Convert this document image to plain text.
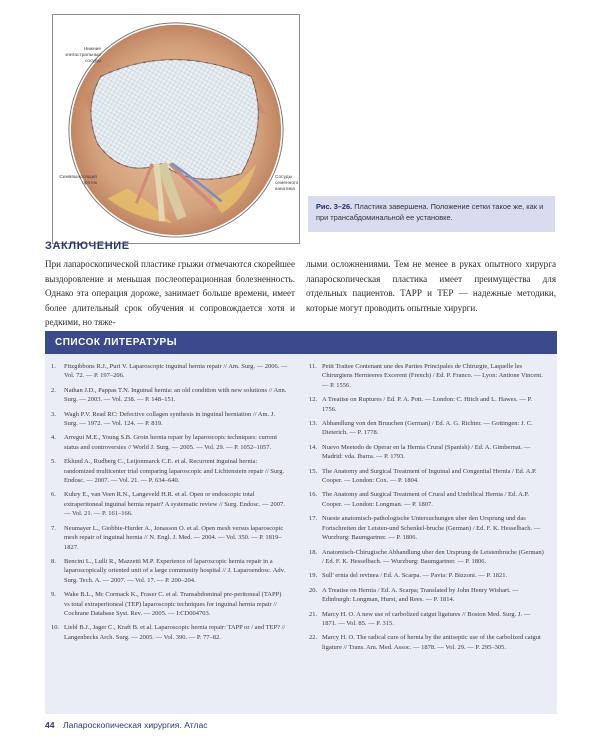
Нижние
эпигастральные
сосуды
Семявыносящий
проток
Сосуды
семенного
канатика
Рис. 3–26. Пластика завершена. Положение сетки такое же, как и при трансабдоминальной ее установке.
ЗАКЛЮЧЕНИЕ

При лапароскопической пластике грыжи отмечаются скорейшее выздоровление и меньшая послеоперационная болезненность. Однако эта операция дороже, занимает больше времени, имеет более длительный срок обучения и сопровождается хотя и редкими, но тяже-

лыми осложнениями. Тем не менее в руках опытного хирурга лапароскопическая пластика имеет преимущества для отдельных пациентов. ТАРР и ТЕР — надежные методики, которые могут проводить опытные хирурги.

СПИСОК ЛИТЕРАТУРЫ
1.	Fitzgibbons R.J., Puri V. Laparoscopic inguinal hernia repair // Am. Surg. — 2006. — Vol. 72. — P. 197–206.
2.	Nathan J.D., Pappas T.N. Inguinal hernia: an old condition with new solutions // Ann. Surg. — 2003. — Vol. 238. — P. 148–151.
3.	Wagh P.V. Read RC: Defective collagen synthesis in inguinal herniation // Am. J. Surg. — 1972. — Vol. 124. — P. 819.
4.	Arregui M.E., Young S.B. Groin hernia repair by laparoscopic techniques: current status and controversies // World J. Surg. — 2005. — Vol. 29. — P. 1052–1057.
5.	Eklund A., Rudberg C., Leijonmarck C.E. et al. Recurrent inguinal hernia: randomized multicenter trial comparing laparoscopic and Lichtenstein repair // Surg. Endosc. — 2007. — Vol. 21. — P. 634–640.
6.	Kuhry E., van Veen R.N., Langeveld H.R. et al. Open or endoscopic total extraperitoneal inguinal hernia repair? A systematic review // Surg. Endosc. — 2007. — Vol. 21. — P. 161–166.
7.	Neumayer L., Giobbie-Hurder A., Jonasson O. et al. Open mesh versus laparoscopic mesh repair of inguinal hernia // N. Engl. J. Med. — 2004. — Vol. 350. — P. 1819–1827.
8.	Bencini L., Lulli R., Mazzetti M.P. Experience of laparoscopic hernia repair in a laparoscopically oriented unit of a large community hospital // J. Laparoendosc. Adv. Surg. Tech. A. — 2007. — Vol. 17. — P. 200–204.
9.	Wake B.L., Mc Cormack K., Fraser C. et al. Transabdominal pre-peritoneal (TAPP) vs total extraperitoneal (TEP) laparoscopic techniques for inguinal hernia repair // Cochrane Database Syst. Rev. — 2005. — I:CD004703.
10. Liebl B.J., Jager C., Kraft B. et al. Laparoscopic hernia repair: TAPP or / and TEP? // Langenbecks Arch. Surg. — 2005. — Vol. 390. — P. 77–82.
11. Petit Traitee Contenant une des Parties Principales de Chirurgie, Laquelle les Chirurgiens Hernieeres Excerent (French) / Ed. P. Franco. — Lyon: Antione Vincent. — P. 1556.
12. A Treatise on Ruptures / Ed. P. A. Pott. — London: C. Hitch and L. Hawes. — P. 1756.
13. Abhandlung von den Bruuchen (German) / Ed. A. G. Richter. — Gottingen: J. C. Dieterich. — P. 1778.
14. Nuevo Meetodo de Operar en la Hernia Crural (Spanish) / Ed. A. Gimbernat. — Madrid: vda. Ibarra. — P. 1793.
15. The Anatomy and Surgical Treatment of Inguinal and Congenital Hernia / Ed. A.P. Cooper. — London: Cox. — P. 1804.
16. The Anatomy and Surgical Treatment of Crural and Umbilical Hernia / Ed. A.P. Cooper. — London: Longman. — P. 1807.
17. Nueste anatomisch-pathologische Untersuchungen uber den Ursprung und das Fortschreiten der Leisten-und Schenkel-bruche (German) / Ed. F. K. Hesselbach. — Wurzburg: Baumgartner. — P. 1806.
18. Anatomisch-Chirugische Abhandlung uber den Ursprung de Leistenbruche (German) / Ed. F. K. Hesselbach. — Wurzburg: Baumgartner. — P. 1806.
19. Sull' ernia del revinea / Ed. A. Scarpa. — Pavia: P. Bizzoni. — P. 1821.
20. A Treatise on Hernia / Ed. A. Scarpa; Translated by John Henry Wishart. — Edinburgh: Longman, Hurst, and Rees. — P. 1814.
21. Marcy H. O. A new use of carbolized catgut ligatures // Boston Med. Surg. J. — 1871. — Vol. 85. — P. 315.
22. Marcy H. O. The radical cure of hernia by the antiseptic use of the carbolized catgut ligature // Trans. Am. Med. Assoc. — 1878. — Vol. 29. — P. 295–305.
44 Лапароскопическая хирургия. Атлас
